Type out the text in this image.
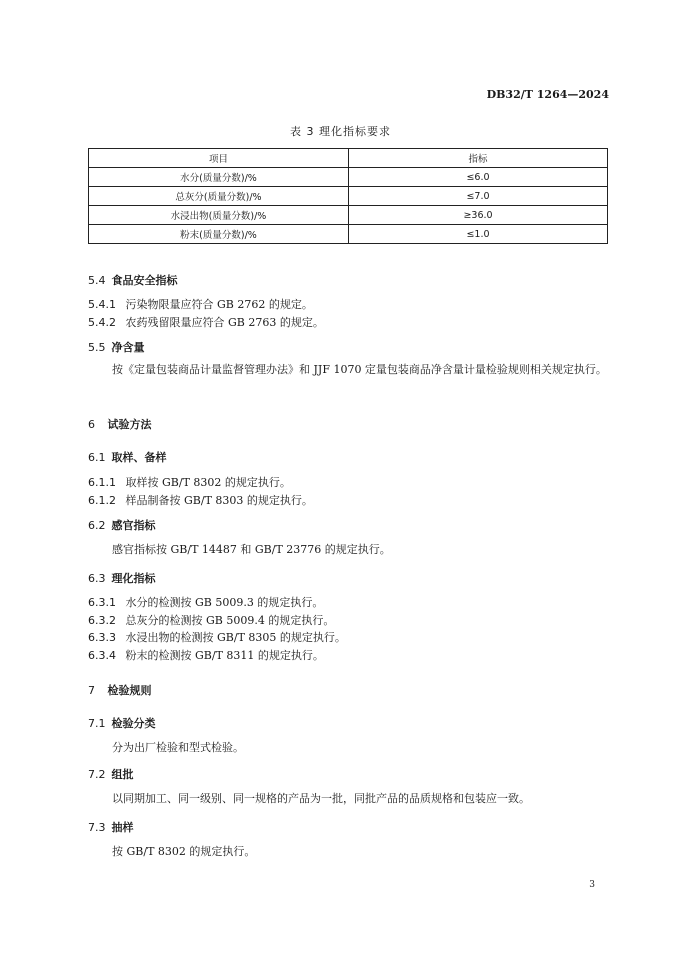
DB32/T 1264—2024
表 3 理化指标要求
项目	指标
水分(质量分数)/%	≤6.0
总灰分(质量分数)/%	≤7.0
水浸出物(质量分数)/%	≥36.0
粉末(质量分数)/%	≤1.0
5.4 食品安全指标
5.4.1 污染物限量应符合 GB 2762 的规定。
5.4.2 农药残留限量应符合 GB 2763 的规定。
5.5 净含量
按《定量包装商品计量监督管理办法》和 JJF 1070 定量包装商品净含量计量检验规则相关规定执行。
6 试验方法
6.1 取样、备样
6.1.1 取样按 GB/T 8302 的规定执行。
6.1.2 样品制备按 GB/T 8303 的规定执行。
6.2 感官指标
感官指标按 GB/T 14487 和 GB/T 23776 的规定执行。
6.3 理化指标
6.3.1 水分的检测按 GB 5009.3 的规定执行。
6.3.2 总灰分的检测按 GB 5009.4 的规定执行。
6.3.3 水浸出物的检测按 GB/T 8305 的规定执行。
6.3.4 粉末的检测按 GB/T 8311 的规定执行。
7 检验规则
7.1 检验分类
分为出厂检验和型式检验。
7.2 组批
以同期加工、同一级别、同一规格的产品为一批，同批产品的品质规格和包装应一致。
7.3 抽样
按 GB/T 8302 的规定执行。
3
